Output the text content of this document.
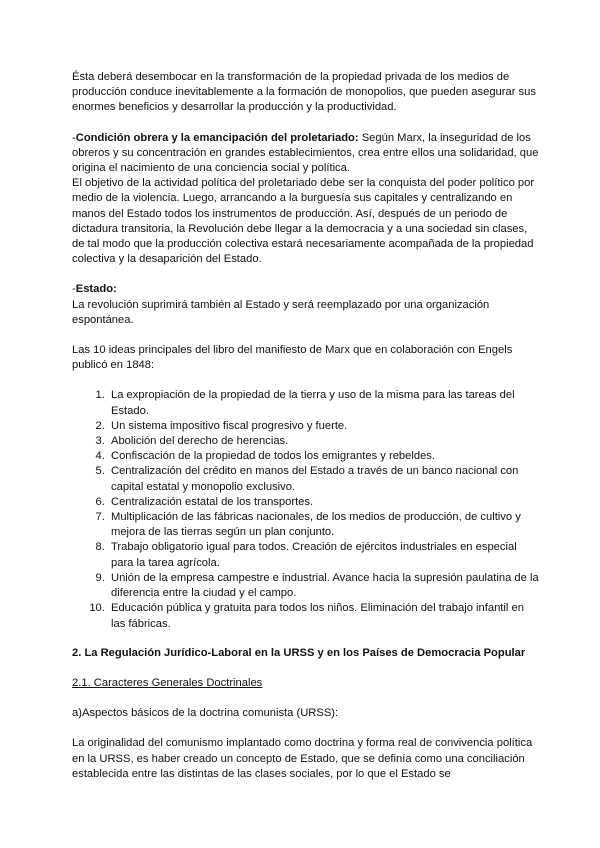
Ésta deberá desembocar en la transformación de la propiedad privada de los medios de producción conduce inevitablemente a la formación de monopolios, que pueden asegurar sus enormes beneficios y desarrollar la producción y la productividad.

-Condición obrera y la emancipación del proletariado: Según Marx, la inseguridad de los obreros y su concentración en grandes establecimientos, crea entre ellos una solidaridad, que origina el nacimiento de una conciencia social y política.

El objetivo de la actividad política del proletariado debe ser la conquista del poder político por medio de la violencia. Luego, arrancando a la burguesía sus capitales y centralizando en manos del Estado todos los instrumentos de producción. Así, después de un periodo de dictadura transitoria, la Revolución debe llegar a la democracia y a una sociedad sin clases, de tal modo que la producción colectiva estará necesariamente acompañada de la propiedad colectiva y la desaparición del Estado.

-Estado:

La revolución suprimirá también al Estado y será reemplazado por una organización espontánea.

Las 10 ideas principales del libro del manifiesto de Marx que en colaboración con Engels publicó en 1848:

1. La expropiación de la propiedad de la tierra y uso de la misma para las tareas del Estado.
2. Un sistema impositivo fiscal progresivo y fuerte.
3. Abolición del derecho de herencias.
4. Confiscación de la propiedad de todos los emigrantes y rebeldes.
5. Centralización del crédito en manos del Estado a través de un banco nacional con capital estatal y monopolio exclusivo.
6. Centralización estatal de los transportes.
7. Multiplicación de las fábricas nacionales, de los medios de producción, de cultivo y mejora de las tierras según un plan conjunto.
8. Trabajo obligatorio igual para todos. Creación de ejércitos industriales en especial para la tarea agrícola.
9. Unión de la empresa campestre e industrial. Avance hacia la supresión paulatina de la diferencia entre la ciudad y el campo.
10. Educación pública y gratuita para todos los niños. Eliminación del trabajo infantil en las fábricas.

2. La Regulación Jurídico-Laboral en la URSS y en los Países de Democracia Popular

2.1. Caracteres Generales Doctrinales

a)Aspectos básicos de la doctrina comunista (URSS):

La originalidad del comunismo implantado como doctrina y forma real de convivencia política en la URSS, es haber creado un concepto de Estado, que se definía como una conciliación establecida entre las distintas de las clases sociales, por lo que el Estado se
